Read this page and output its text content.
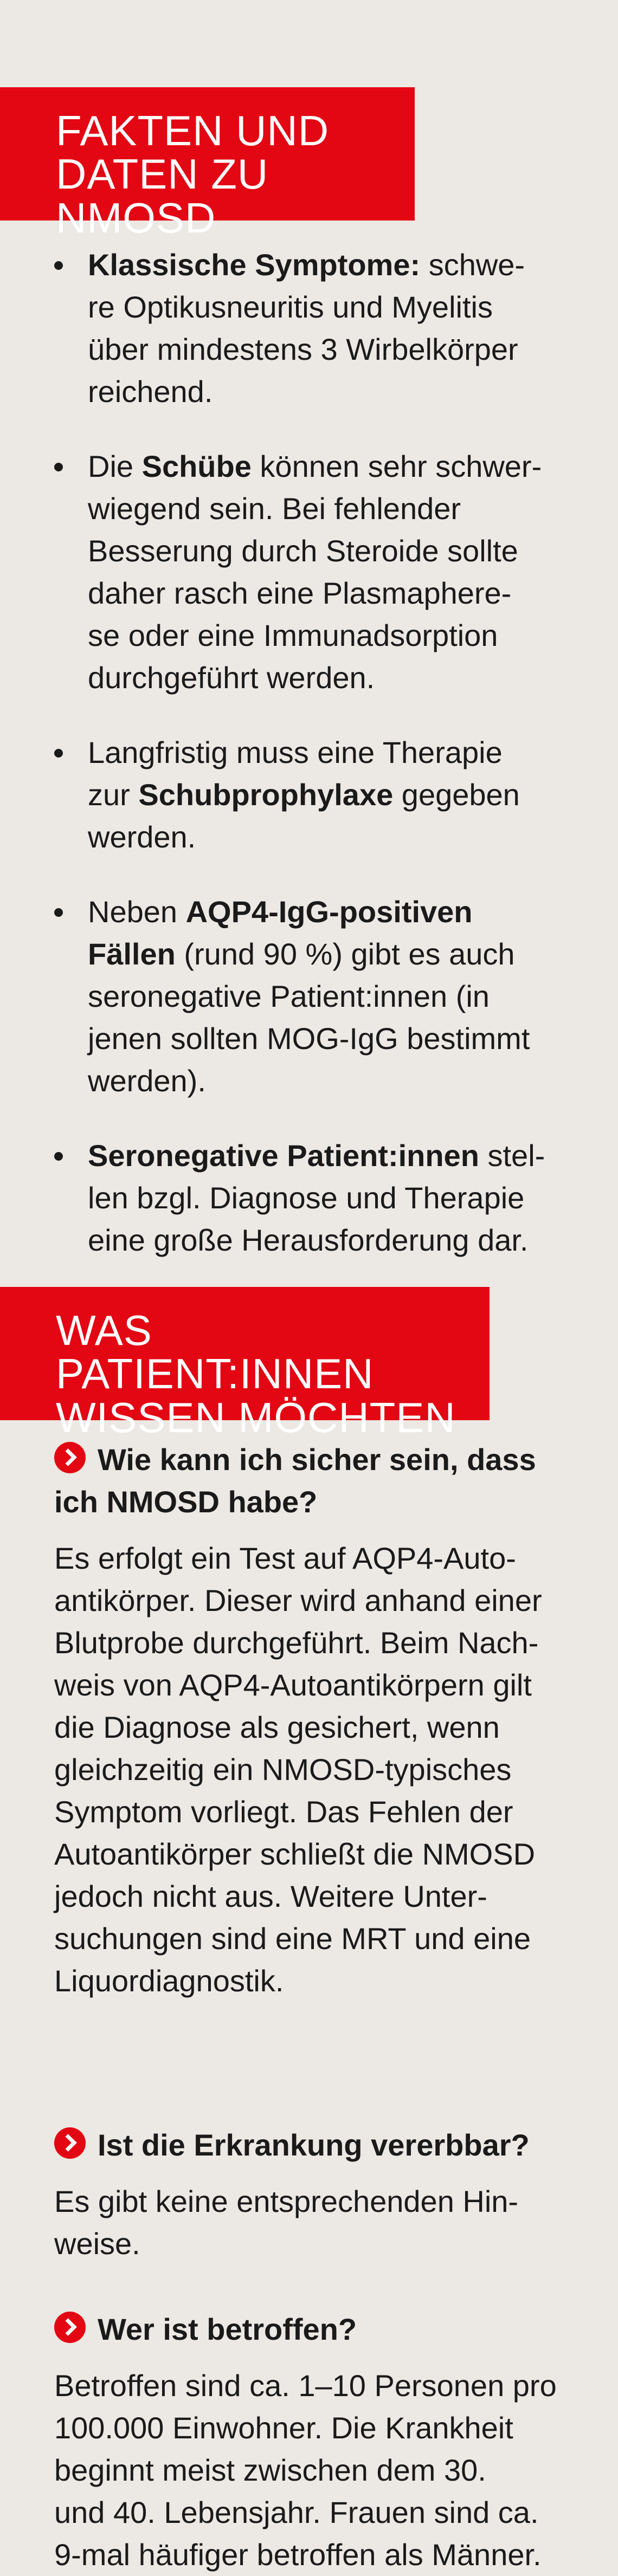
FAKTEN UND
DATEN ZU NMOSD
Klassische Symptome: schwe-
re Optikusneuritis und Myelitis
über mindestens 3 Wirbelkörper
reichend.
Die Schübe können sehr schwer-
wiegend sein. Bei fehlender
Besserung durch Steroide sollte
daher rasch eine Plasmaphere-
se oder eine Immunadsorption
durchgeführt werden.
Langfristig muss eine Therapie
zur Schubprophylaxe gegeben
werden.
Neben AQP4-IgG-positiven
Fällen (rund 90 %) gibt es auch
seronegative Patient:innen (in
jenen sollten MOG-IgG bestimmt
werden).
Seronegative Patient:innen stel-
len bzgl. Diagnose und Therapie
eine große Herausforderung dar.
WAS PATIENT:INNEN
WISSEN MÖCHTEN
Wie kann ich sicher sein, dass
ich NMOSD habe?
Es erfolgt ein Test auf AQP4-Auto-
antikörper. Dieser wird anhand einer
Blutprobe durchgeführt. Beim Nach-
weis von AQP4-Autoantikörpern gilt
die Diagnose als gesichert, wenn
gleichzeitig ein NMOSD-typisches
Symptom vorliegt. Das Fehlen der
Autoantikörper schließt die NMOSD
jedoch nicht aus. Weitere Unter-
suchungen sind eine MRT und eine
Liquordiagnostik.
Ist die Erkrankung vererbbar?
Es gibt keine entsprechenden Hin-
weise.
Wer ist betroffen?
Betroffen sind ca. 1–10 Personen pro
100.000 Einwohner. Die Krankheit
beginnt meist zwischen dem 30.
und 40. Lebensjahr. Frauen sind ca.
9-mal häufiger betroffen als Männer.
